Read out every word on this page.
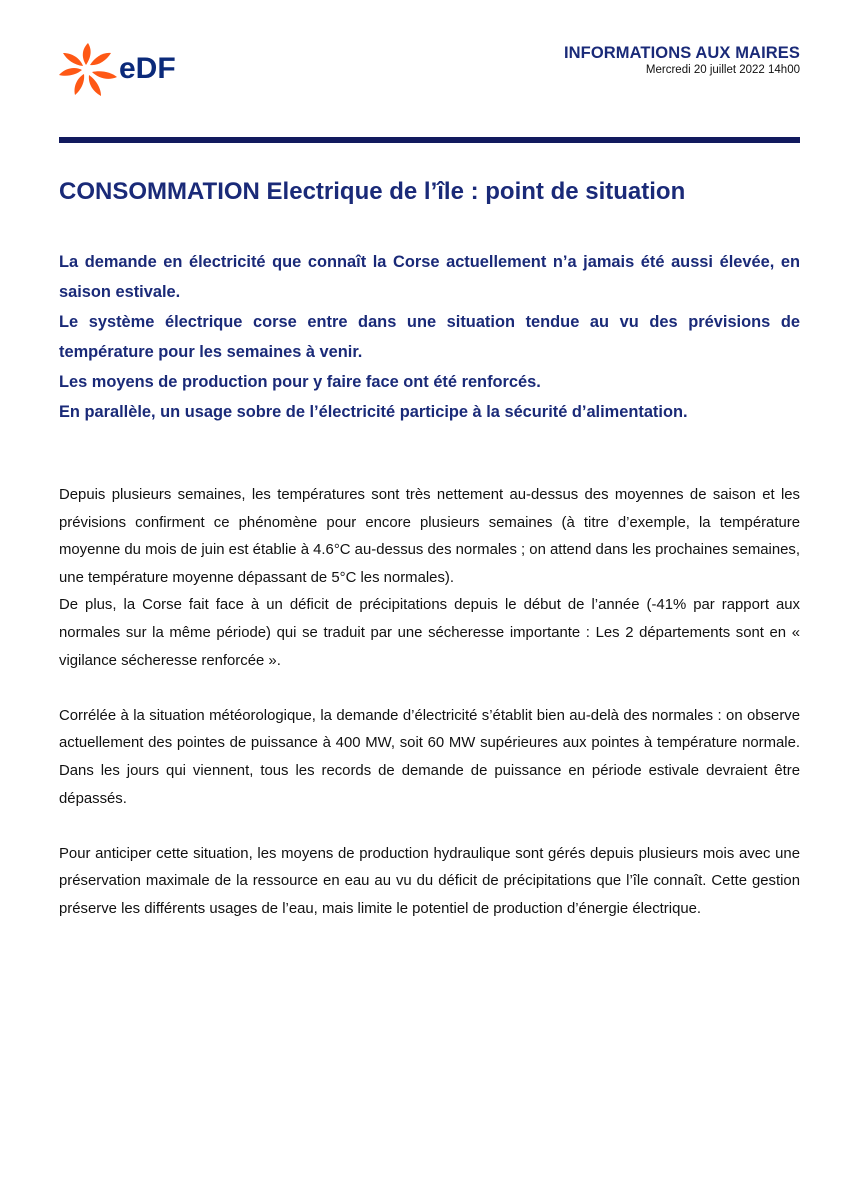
eDF	INFORMATIONS AUX MAIRES
Mercredi 20 juillet 2022 14h00
CONSOMMATION Electrique de l’île : point de situation

La demande en électricité que connaît la Corse actuellement n’a jamais été aussi élevée, en saison estivale.

Le système électrique corse entre dans une situation tendue au vu des prévisions de température pour les semaines à venir.

Les moyens de production pour y faire face ont été renforcés.

En parallèle, un usage sobre de l’électricité participe à la sécurité d’alimentation.

Depuis plusieurs semaines, les températures sont très nettement au-dessus des moyennes de saison et les prévisions confirment ce phénomène pour encore plusieurs semaines (à titre d’exemple, la température moyenne du mois de juin est établie à 4.6°C au-dessus des normales ; on attend dans les prochaines semaines, une température moyenne dépassant de 5°C les normales).

De plus, la Corse fait face à un déficit de précipitations depuis le début de l’année (-41% par rapport aux normales sur la même période) qui se traduit par une sécheresse importante : Les 2 départements sont en « vigilance sécheresse renforcée ».

Corrélée à la situation météorologique, la demande d’électricité s’établit bien au-delà des normales : on observe actuellement des pointes de puissance à 400 MW, soit 60 MW supérieures aux pointes à température normale. Dans les jours qui viennent, tous les records de demande de puissance en période estivale devraient être dépassés.

Pour anticiper cette situation, les moyens de production hydraulique sont gérés depuis plusieurs mois avec une préservation maximale de la ressource en eau au vu du déficit de précipitations que l’île connaît. Cette gestion préserve les différents usages de l’eau, mais limite le potentiel de production d’énergie électrique.
